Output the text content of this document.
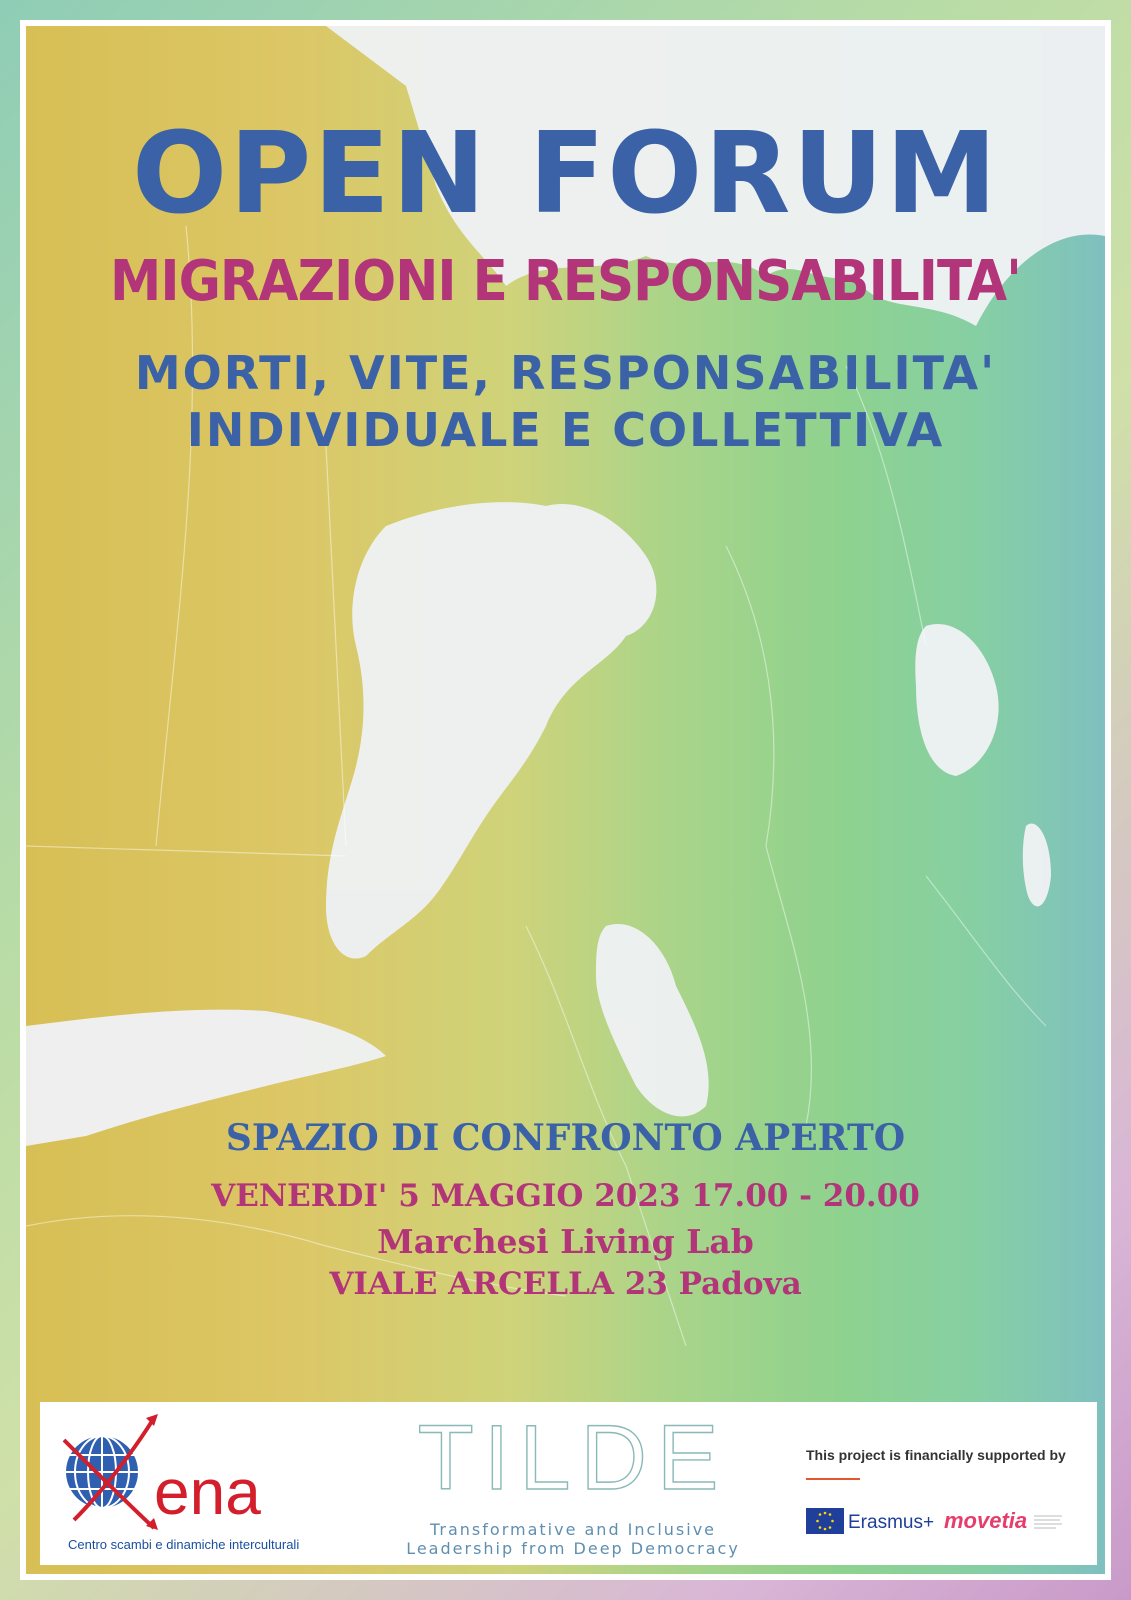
OPEN FORUM
MIGRAZIONI E RESPONSABILITA'
MORTI, VITE, RESPONSABILITA'
INDIVIDUALE E COLLETTIVA
SPAZIO DI CONFRONTO APERTO
VENERDI' 5 MAGGIO 2023 17.00 - 20.00
Marchesi Living Lab
VIALE ARCELLA 23 Padova
ena
Centro scambi e dinamiche interculturali
TILDE
Transformative and Inclusive
Leadership from Deep Democracy
This project is financially supported by
Erasmus+ movetia
